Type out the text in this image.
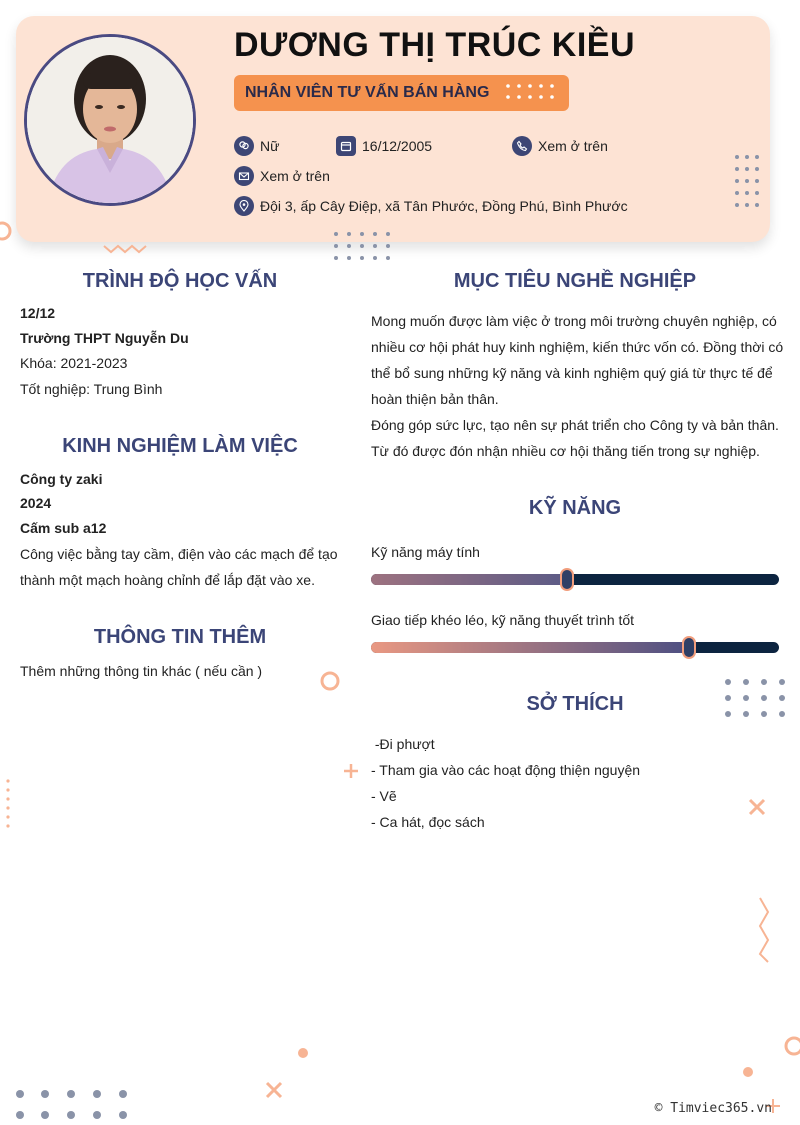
DƯƠNG THỊ TRÚC KIỀU
NHÂN VIÊN TƯ VẤN BÁN HÀNG
Nữ	16/12/2005	Xem ở trên
Xem ở trên
Đội 3, ấp Cây Điệp, xã Tân Phước, Đồng Phú, Bình Phước
TRÌNH ĐỘ HỌC VẤN
12/12
Trường THPT Nguyễn Du
Khóa: 2021-2023
Tốt nghiệp: Trung Bình
KINH NGHIỆM LÀM VIỆC
Công ty zaki
2024
Cấm sub a12
Công việc bằng tay cầm, điện vào các mạch để tạo
thành một mạch hoàng chỉnh để lắp đặt vào xe.
THÔNG TIN THÊM
Thêm những thông tin khác ( nếu cần )
MỤC TIÊU NGHỀ NGHIỆP
Mong muốn được làm việc ở trong môi trường chuyên nghiệp, có
nhiều cơ hội phát huy kinh nghiệm, kiến thức vốn có. Đồng thời có
thể bổ sung những kỹ năng và kinh nghiệm quý giá từ thực tế để
hoàn thiện bản thân.
Đóng góp sức lực, tạo nên sự phát triển cho Công ty và bản thân.
Từ đó được đón nhận nhiều cơ hội thăng tiến trong sự nghiệp.
KỸ NĂNG
Kỹ năng máy tính
Giao tiếp khéo léo, kỹ năng thuyết trình tốt
SỞ THÍCH
-Đi phượt
- Tham gia vào các hoạt động thiện nguyện
- Vẽ
- Ca hát, đọc sách
© Timviec365.vn
